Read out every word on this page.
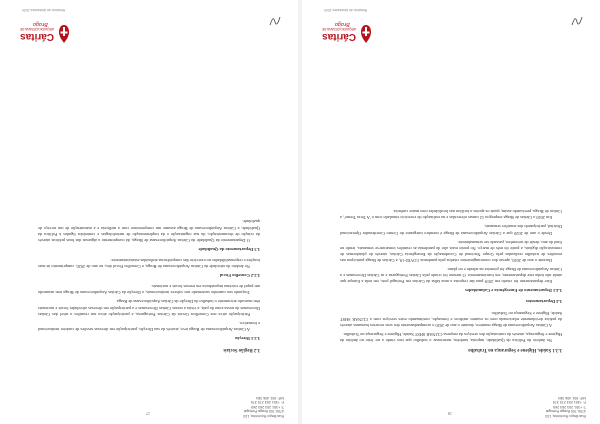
Rua Bispo Rochinha, 103
4700-700 Braga Portugal
T: +351 253 263 269
F: +351 253 275 379
NIF: 501 406 384
17
3.2 Região Sociais
3.2.1 Direção

A Cáritas Arquidiocesana de Braga teve, através da sua Direção, participação em diversas sessões de carácter institucional e formativo.

Participação ativa nos Conselhos Gerais da Cáritas Portuguesa, a participação ativa nas reuniões a nível das Cáritas Diocesanas da nossa zona do país, a visita a outras Cáritas Diocesanas e a participação em diversas atividades locais e nacionais têm marcado ativamente o trabalho da Direção da Cáritas Arquidiocesana de Braga.

Traçando um caminho sustentado nos valores institucionais, a Direção da Cáritas Arquidiocesana de Braga tem assumido um papel de extrema importância em termos locais e nacionais.

3.2.2 Conselho Fiscal

No âmbito da atividade da Cáritas Arquidiocesana de Braga, o Conselho Fiscal deu, no ano de 2020, cumprimento às suas funções e responsabilidades no exercício das competências atribuídas estatutariamente.

3.3 Departamento da Qualidade

O Departamento da Qualidade da Cáritas Arquidiocesana de Braga, dá cumprimento a algumas das boas práticas através da criação de documentação, da sua organização e da implementação de metodologias e conteúdos ligados à Política da Qualidade, a Cáritas Arquidiocesana de Braga assume um compromisso com a melhoria e a manutenção de um serviço de qualidade.

Cáritas
ARQUIDIOCESANA DE
Braga
Relatório de Atividades 2020
Rua Bispo Rochinha, 103
4700-700 Braga Portugal
T: +351 253 263 269
F: +351 253 275 379
NIF: 501 406 384
18
3.3.1 Saúde, Higiene e Segurança no Trabalho

No âmbito da Política da Qualidade, importa, também, mencionar o trabalho que tem vindo a ser feito no âmbito da Higiene e Segurança, através da contratação dos serviços da empresa CLINAR SHST Saúde, Higiene e Segurança no Trabalho.

A Cáritas Arquidiocesana de Braga manteve, durante o ano de 2020 o acompanhamento dos seus recursos humanos através da prática devidamente relacionada com os exames médicos e formação, continuando estes serviços com a CLINAR SHST Saúde, Higiene e Segurança no Trabalho.

3.4 Departamentos
3.4.1 Departamento de Emergência e Calamidades

Este departamento foi criado em 2019 para dar resposta a uma falha da Cáritas em Portugal pois, em toda a Europa que ainda não tinha este departamento, em funcionamento. O mesmo foi criado pela Cáritas Portuguesa e as Cáritas Diocesanas e a Cáritas Arquidiocesana de Braga foi pioneira na adesão e no plano.

Durante o ano de 2020, apesar dos constrangimentos criados pela pandemia COVID-19, a Cáritas de Braga participou nas reuniões de trabalho realizadas pelo Grupo Nacional de Coordenação da Emergência Cáritas, através de plataformas de comunicação digitais, a partir do mês de março. No ponto mais alto da pandemia as reuniões tornaram-se semanais, tendo no final do ano, desde de novembro, passado ser semanalmente.

Desde o ano de 2020 que a Cáritas Arquidiocesana de Braga é membro integrante do Centro Coordenador Operacional Distrital, participando das reuniões semanais.

Em 2020 a Cáritas de Braga empregou 12 camas oferecidas e na realização do exercício simulado com o 'A Terra Treme', a Cáritas de Braga, precisando assim, quais os apoios a facilitar nas localidades com maior carência.

Cáritas
ARQUIDIOCESANA DE
Braga
Relatório de Atividades 2020
